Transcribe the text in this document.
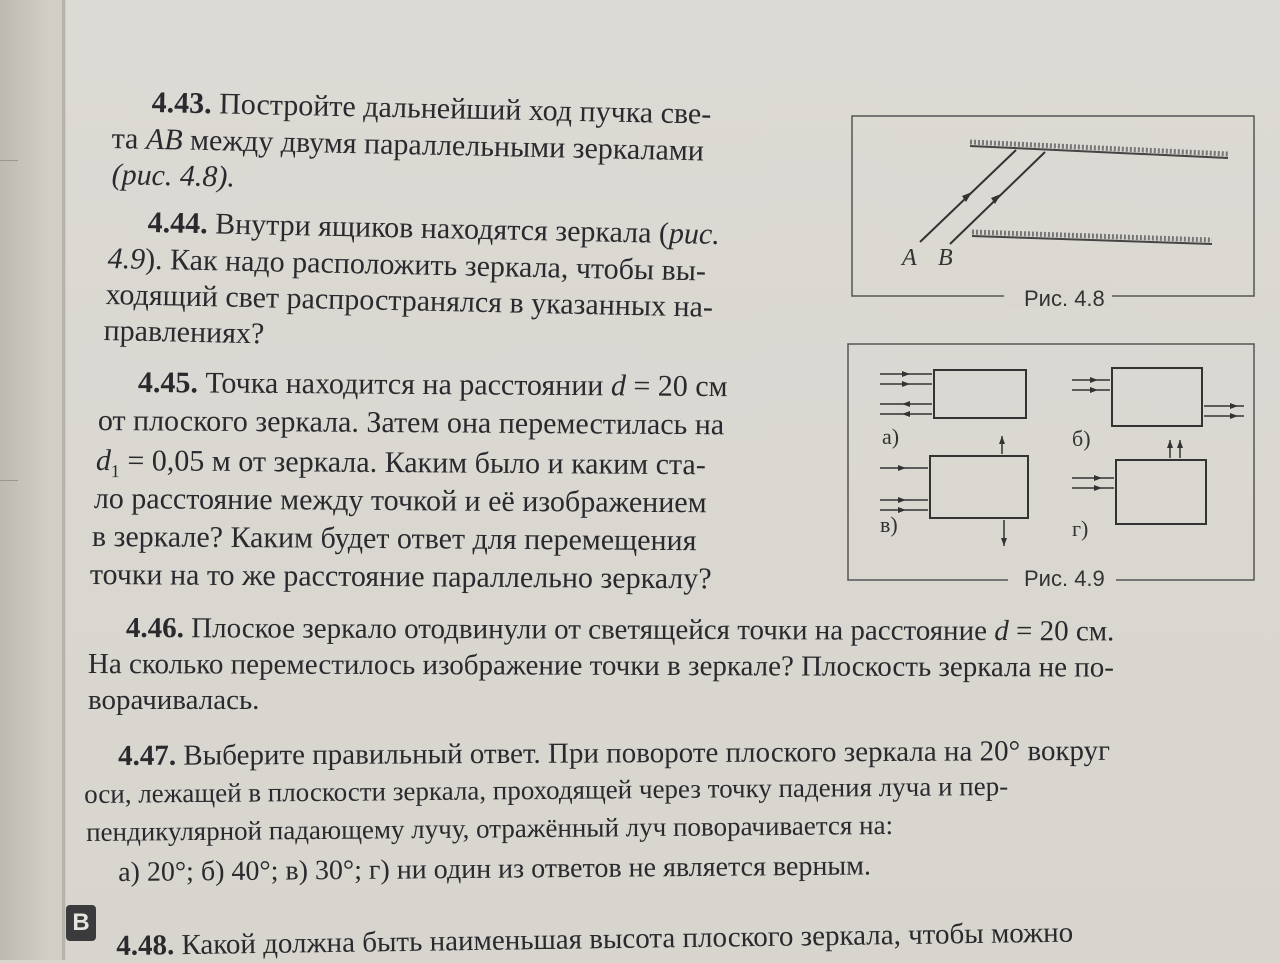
4.43. Постройте дальнейший ход пучка све-
та AB между двумя параллельными зеркалами
(рис. 4.8).
4.44. Внутри ящиков находятся зеркала (рис.
4.9). Как надо расположить зеркала, чтобы вы-
ходящий свет распространялся в указанных на-
правлениях?
4.45. Точка находится на расстоянии d = 20 см
от плоского зеркала. Затем она переместилась на
$d_1 = 0,05$ м от зеркала. Каким было и каким ста-
ло расстояние между точкой и её изображением
в зеркале? Каким будет ответ для перемещения
точки на то же расстояние параллельно зеркалу?
4.46. Плоское зеркало отодвинули от светящейся точки на расстояние d = 20 см.
На сколько переместилось изображение точки в зеркале? Плоскость зеркала не по-
ворачивалась.
4.47. Выберите правильный ответ. При повороте плоского зеркала на 20° вокруг
оси, лежащей в плоскости зеркала, проходящей через точку падения луча и пер-
пендикулярной падающему лучу, отражённый луч поворачивается на:
а) 20°; б) 40°; в) 30°; г) ни один из ответов не является верным.
4.48. Какой должна быть наименьшая высота плоского зеркала, чтобы можно
В
A B
Рис. 4.8
а)	б)
в)	г)
Рис. 4.9
